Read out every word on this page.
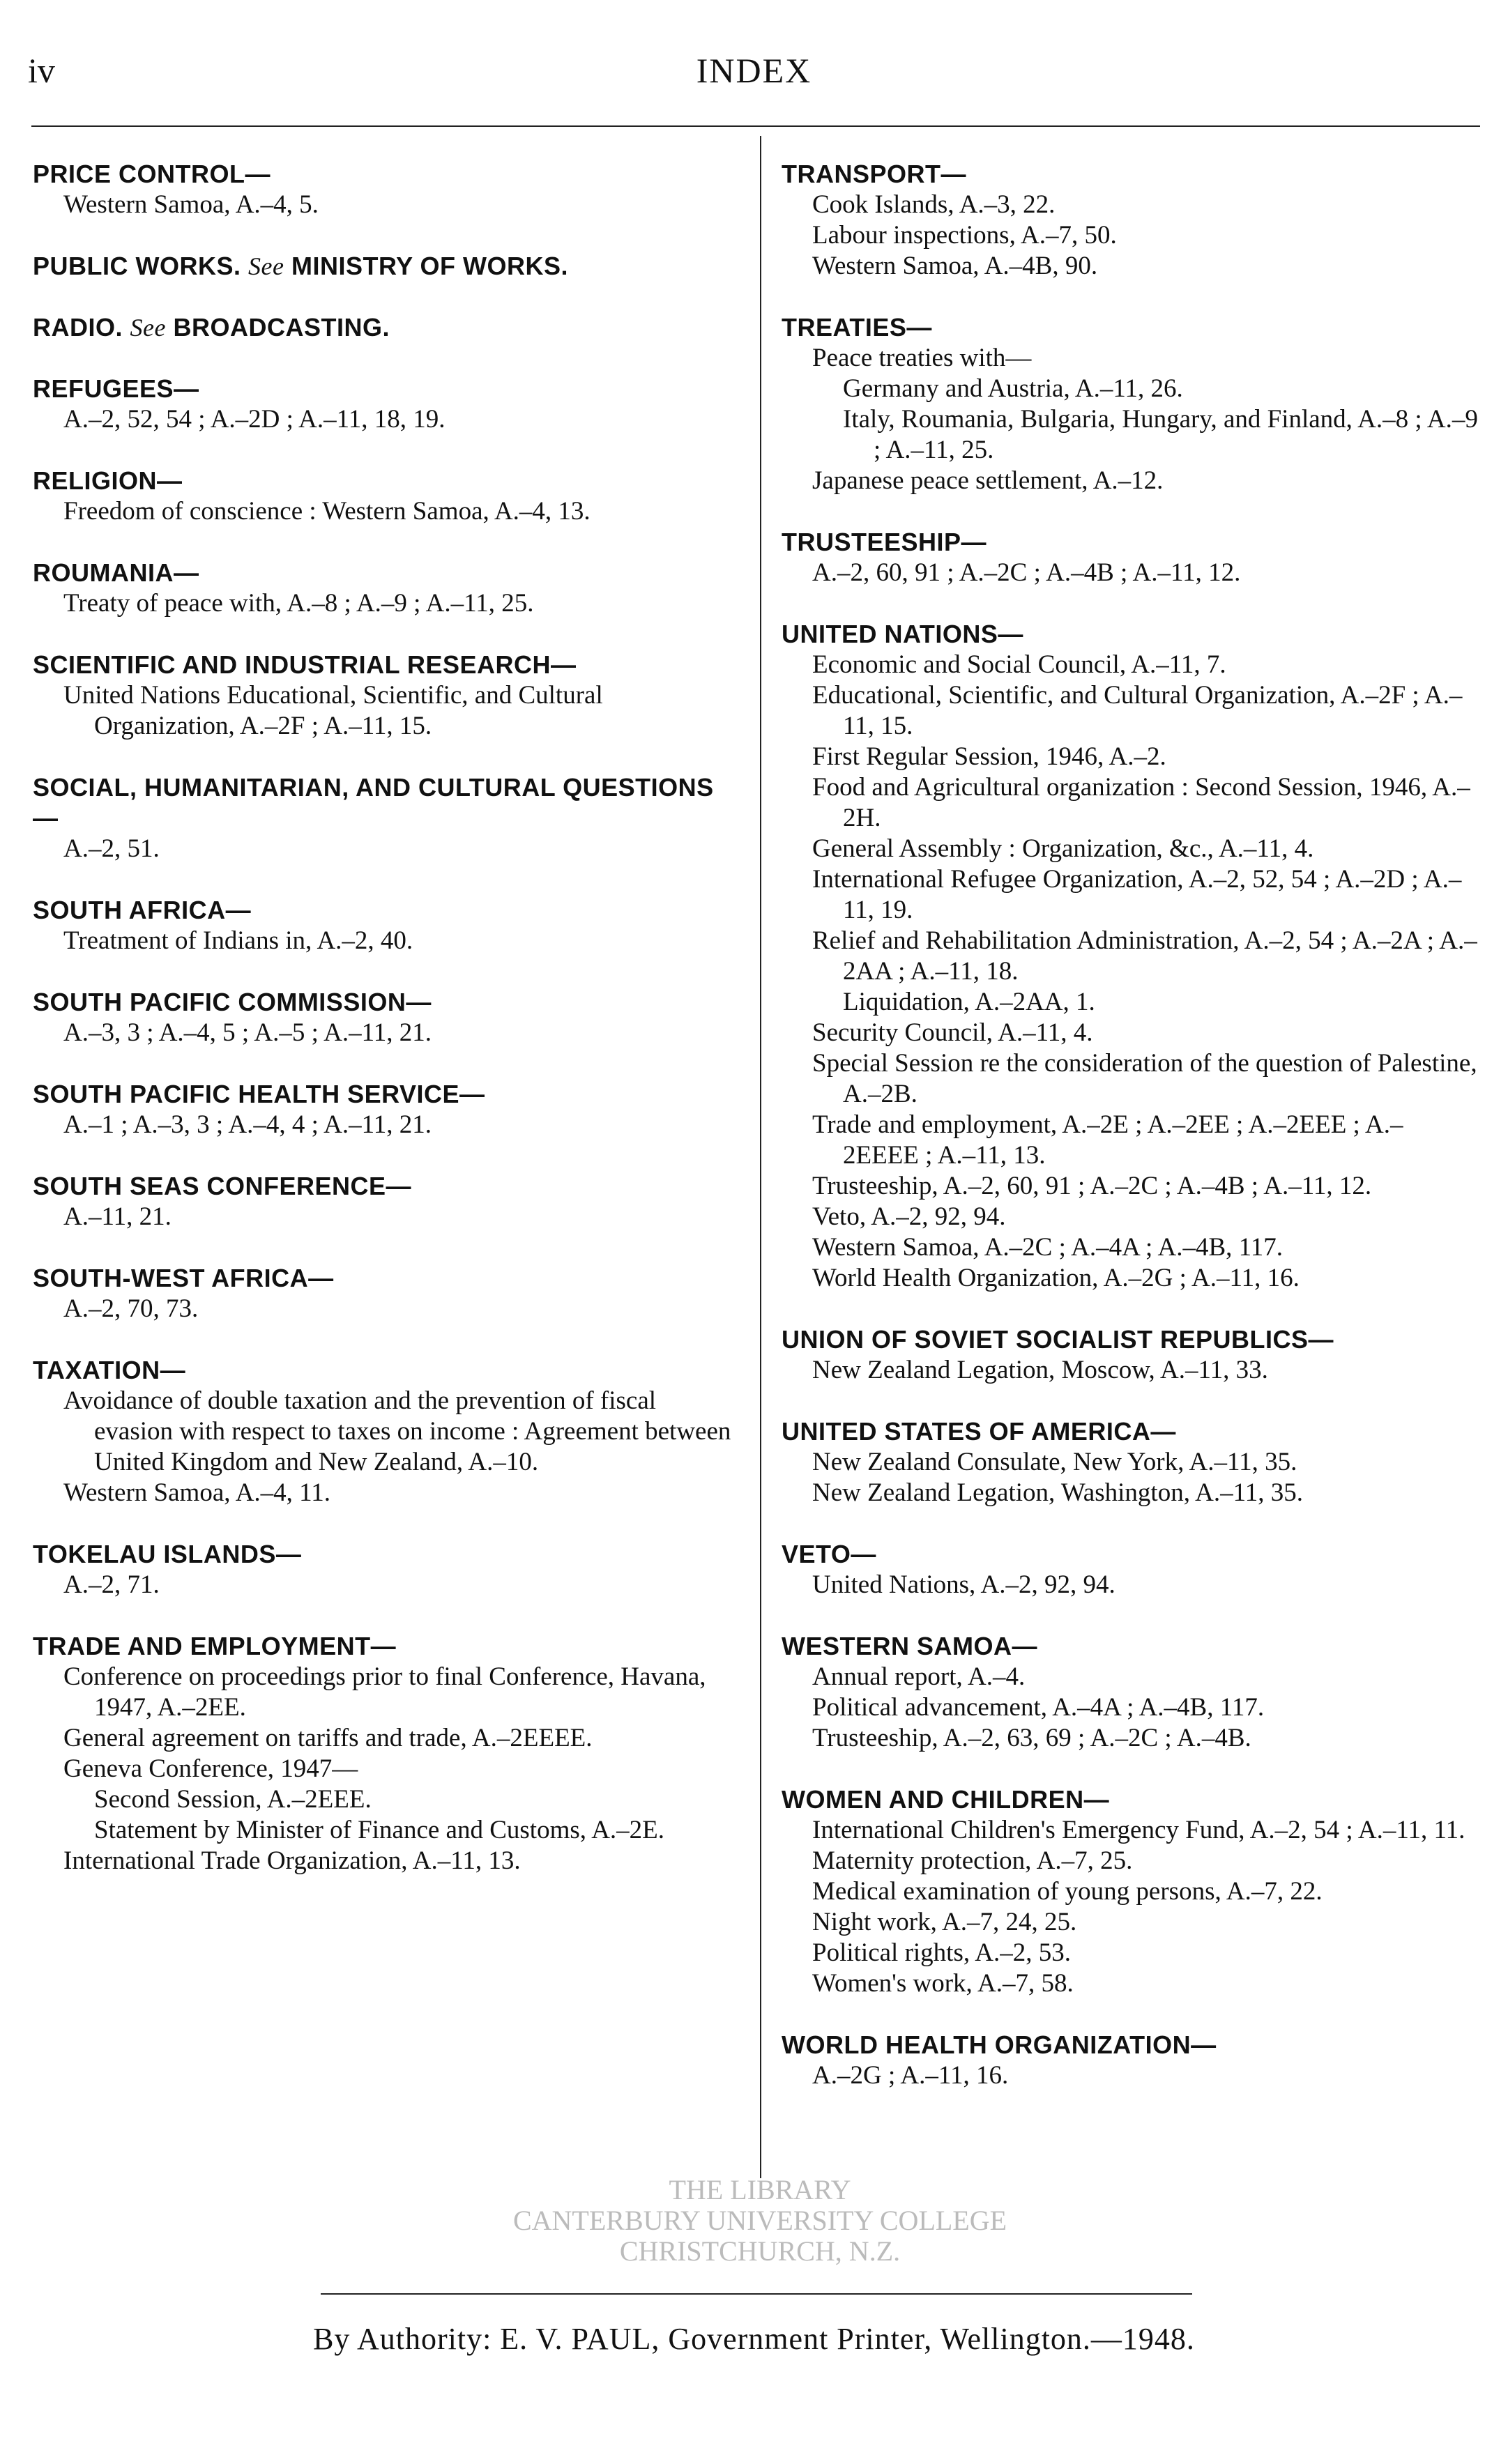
iv	INDEX
PRICE CONTROL—
Western Samoa, A.–4, 5.
PUBLIC WORKS. See MINISTRY OF WORKS.
RADIO. See BROADCASTING.
REFUGEES—
A.–2, 52, 54 ; A.–2D ; A.–11, 18, 19.
RELIGION—
Freedom of conscience : Western Samoa, A.–4, 13.
ROUMANIA—
Treaty of peace with, A.–8 ; A.–9 ; A.–11, 25.
SCIENTIFIC AND INDUSTRIAL RESEARCH—
United Nations Educational, Scientific, and Cultural Organization, A.–2F ; A.–11, 15.
SOCIAL, HUMANITARIAN, AND CULTURAL QUESTIONS—
A.–2, 51.
SOUTH AFRICA—
Treatment of Indians in, A.–2, 40.
SOUTH PACIFIC COMMISSION—
A.–3, 3 ; A.–4, 5 ; A.–5 ; A.–11, 21.
SOUTH PACIFIC HEALTH SERVICE—
A.–1 ; A.–3, 3 ; A.–4, 4 ; A.–11, 21.
SOUTH SEAS CONFERENCE—
A.–11, 21.
SOUTH-WEST AFRICA—
A.–2, 70, 73.
TAXATION—
Avoidance of double taxation and the prevention of fiscal evasion with respect to taxes on income : Agreement between United Kingdom and New Zealand, A.–10.
Western Samoa, A.–4, 11.
TOKELAU ISLANDS—
A.–2, 71.
TRADE AND EMPLOYMENT—
Conference on proceedings prior to final Conference, Havana, 1947, A.–2EE.
General agreement on tariffs and trade, A.–2EEEE.
Geneva Conference, 1947—
Second Session, A.–2EEE.
Statement by Minister of Finance and Customs, A.–2E.
International Trade Organization, A.–11, 13.
TRANSPORT—
Cook Islands, A.–3, 22.
Labour inspections, A.–7, 50.
Western Samoa, A.–4B, 90.
TREATIES—
Peace treaties with—
Germany and Austria, A.–11, 26.
Italy, Roumania, Bulgaria, Hungary, and Finland, A.–8 ; A.–9 ; A.–11, 25.
Japanese peace settlement, A.–12.
TRUSTEESHIP—
A.–2, 60, 91 ; A.–2C ; A.–4B ; A.–11, 12.
UNITED NATIONS—
Economic and Social Council, A.–11, 7.
Educational, Scientific, and Cultural Organization, A.–2F ; A.–11, 15.
First Regular Session, 1946, A.–2.
Food and Agricultural organization : Second Session, 1946, A.–2H.
General Assembly : Organization, &c., A.–11, 4.
International Refugee Organization, A.–2, 52, 54 ; A.–2D ; A.–11, 19.
Relief and Rehabilitation Administration, A.–2, 54 ; A.–2A ; A.–2AA ; A.–11, 18.
Liquidation, A.–2AA, 1.
Security Council, A.–11, 4.
Special Session re the consideration of the question of Palestine, A.–2B.
Trade and employment, A.–2E ; A.–2EE ; A.–2EEE ; A.–2EEEE ; A.–11, 13.
Trusteeship, A.–2, 60, 91 ; A.–2C ; A.–4B ; A.–11, 12.
Veto, A.–2, 92, 94.
Western Samoa, A.–2C ; A.–4A ; A.–4B, 117.
World Health Organization, A.–2G ; A.–11, 16.
UNION OF SOVIET SOCIALIST REPUBLICS—
New Zealand Legation, Moscow, A.–11, 33.
UNITED STATES OF AMERICA—
New Zealand Consulate, New York, A.–11, 35.
New Zealand Legation, Washington, A.–11, 35.
VETO—
United Nations, A.–2, 92, 94.
WESTERN SAMOA—
Annual report, A.–4.
Political advancement, A.–4A ; A.–4B, 117.
Trusteeship, A.–2, 63, 69 ; A.–2C ; A.–4B.
WOMEN AND CHILDREN—
International Children's Emergency Fund, A.–2, 54 ; A.–11, 11.
Maternity protection, A.–7, 25.
Medical examination of young persons, A.–7, 22.
Night work, A.–7, 24, 25.
Political rights, A.–2, 53.
Women's work, A.–7, 58.
WORLD HEALTH ORGANIZATION—
A.–2G ; A.–11, 16.
THE LIBRARY
CANTERBURY UNIVERSITY COLLEGE
CHRISTCHURCH, N.Z.
By Authority: E. V. PAUL, Government Printer, Wellington.—1948.
